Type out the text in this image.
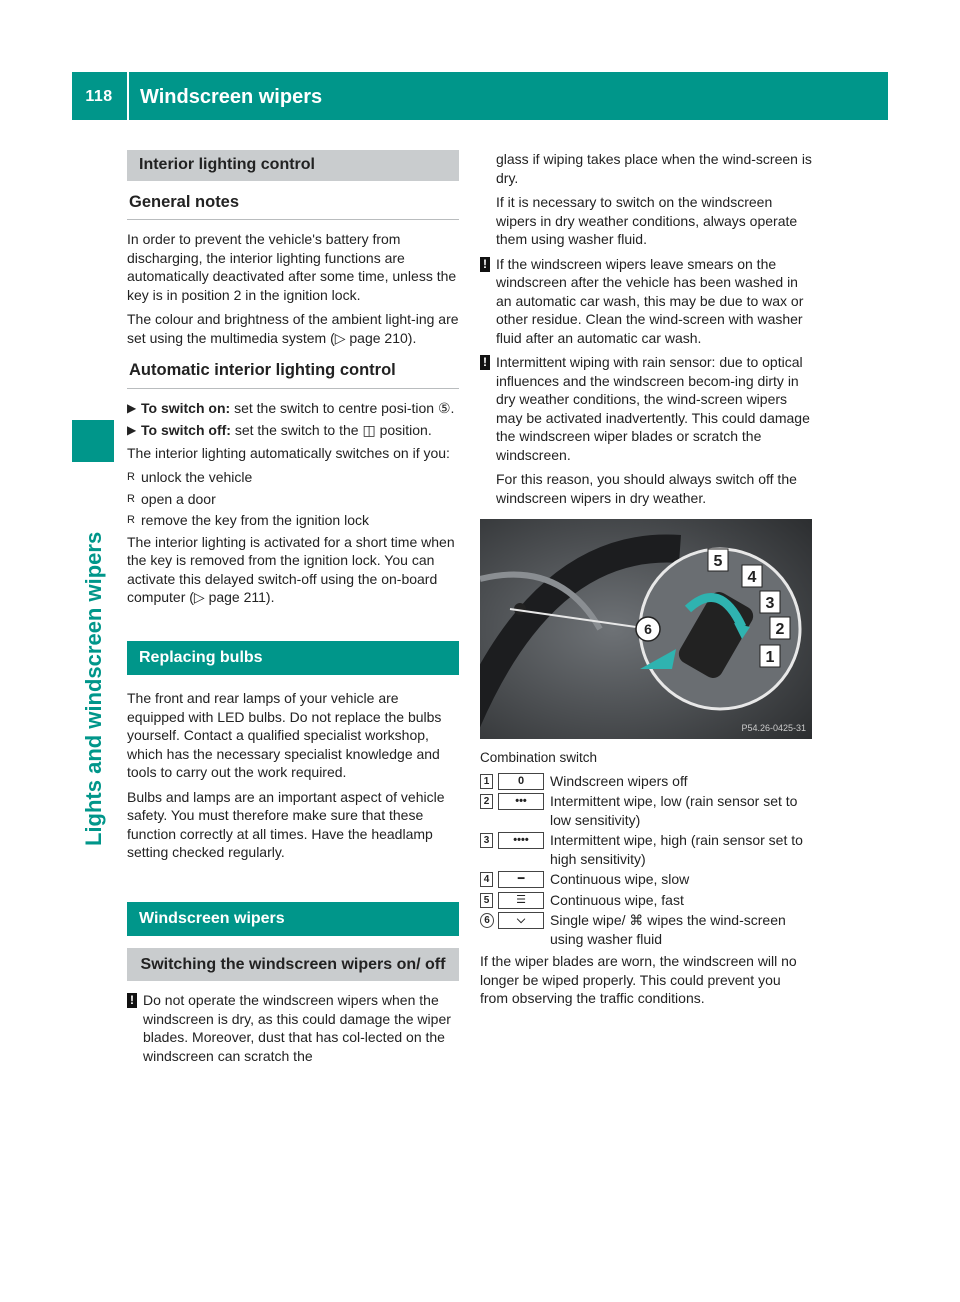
118	Windscreen wipers
Lights and windscreen wipers
Interior lighting control
General notes

In order to prevent the vehicle's battery from discharging, the interior lighting functions are automatically deactivated after some time, unless the key is in position 2 in the ignition lock.

The colour and brightness of the ambient light-ing are set using the multimedia system (▷ page 210).

Automatic interior lighting control
▶ To switch on: set the switch to centre posi-tion ⑤.
▶ To switch off: set the switch to the ◫ position.

The interior lighting automatically switches on if you:

R unlock the vehicle
R open a door
R remove the key from the ignition lock

The interior lighting is activated for a short time when the key is removed from the ignition lock. You can activate this delayed switch-off using the on-board computer (▷ page 211).

Replacing bulbs

The front and rear lamps of your vehicle are equipped with LED bulbs. Do not replace the bulbs yourself. Contact a qualified specialist workshop, which has the necessary specialist knowledge and tools to carry out the work required.

Bulbs and lamps are an important aspect of vehicle safety. You must therefore make sure that these function correctly at all times. Have the headlamp setting checked regularly.

Windscreen wipers
Switching the windscreen wipers on/ off
! Do not operate the windscreen wipers when the windscreen is dry, as this could damage the wiper blades. Moreover, dust that has col-lected on the windscreen can scratch the

glass if wiping takes place when the wind-screen is dry.

If it is necessary to switch on the windscreen wipers in dry weather conditions, always operate them using washer fluid.

! If the windscreen wipers leave smears on the windscreen after the vehicle has been washed in an automatic car wash, this may be due to wax or other residue. Clean the wind-screen with washer fluid after an automatic car wash.
! Intermittent wiping with rain sensor: due to optical influences and the windscreen becom-ing dirty in dry weather conditions, the wind-screen wipers may be activated inadvertently. This could damage the windscreen wiper blades or scratch the windscreen.

For this reason, you should always switch off the windscreen wipers in dry weather.

6
5
4
3
2
1
P54.26-0425-31
Combination switch
1	0	Windscreen wipers off
2	•••	Intermittent wipe, low (rain sensor set to low sensitivity)
3	••••	Intermittent wipe, high (rain sensor set to high sensitivity)
4	━	Continuous wipe, slow
5	☰	Continuous wipe, fast
6	⌵	Single wipe/ ⌘ wipes the wind-screen using washer fluid

If the wiper blades are worn, the windscreen will no longer be wiped properly. This could prevent you from observing the traffic conditions.
